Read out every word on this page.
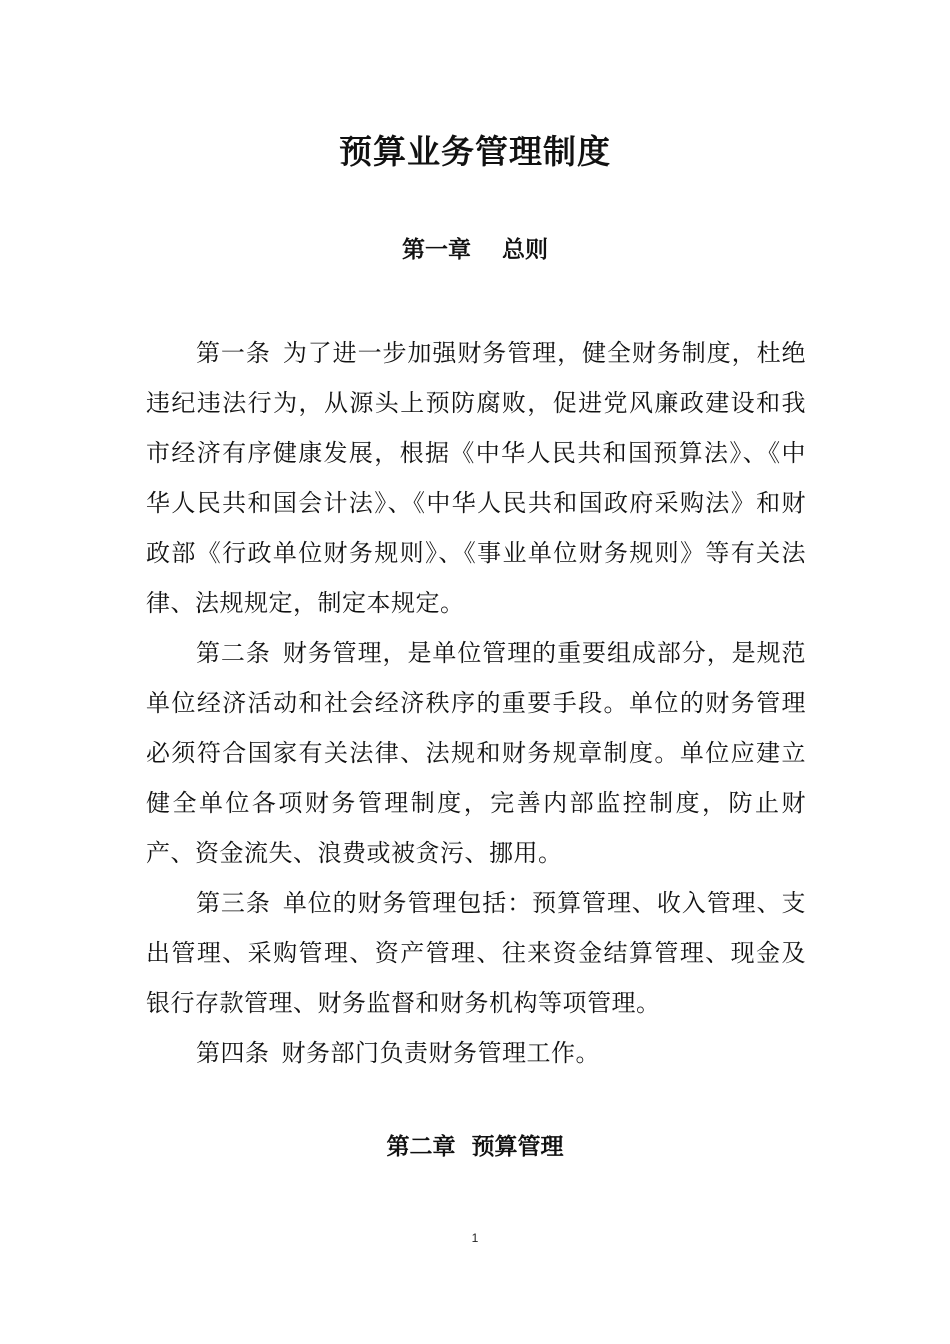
预算业务管理制度
第一章　 总则

第一条 为了进一步加强财务管理，健全财务制度，杜绝违纪违法行为，从源头上预防腐败，促进党风廉政建设和我市经济有序健康发展，根据《中华人民共和国预算法》、《中华人民共和国会计法》、《中华人民共和国政府采购法》和财政部《行政单位财务规则》、《事业单位财务规则》等有关法律、法规规定，制定本规定。

第二条 财务管理，是单位管理的重要组成部分，是规范单位经济活动和社会经济秩序的重要手段。单位的财务管理必须符合国家有关法律、法规和财务规章制度。单位应建立健全单位各项财务管理制度，完善内部监控制度，防止财产、资金流失、浪费或被贪污、挪用。

第三条 单位的财务管理包括：预算管理、收入管理、支出管理、采购管理、资产管理、往来资金结算管理、现金及银行存款管理、财务监督和财务机构等项管理。

第四条 财务部门负责财务管理工作。

第二章  预算管理
1
